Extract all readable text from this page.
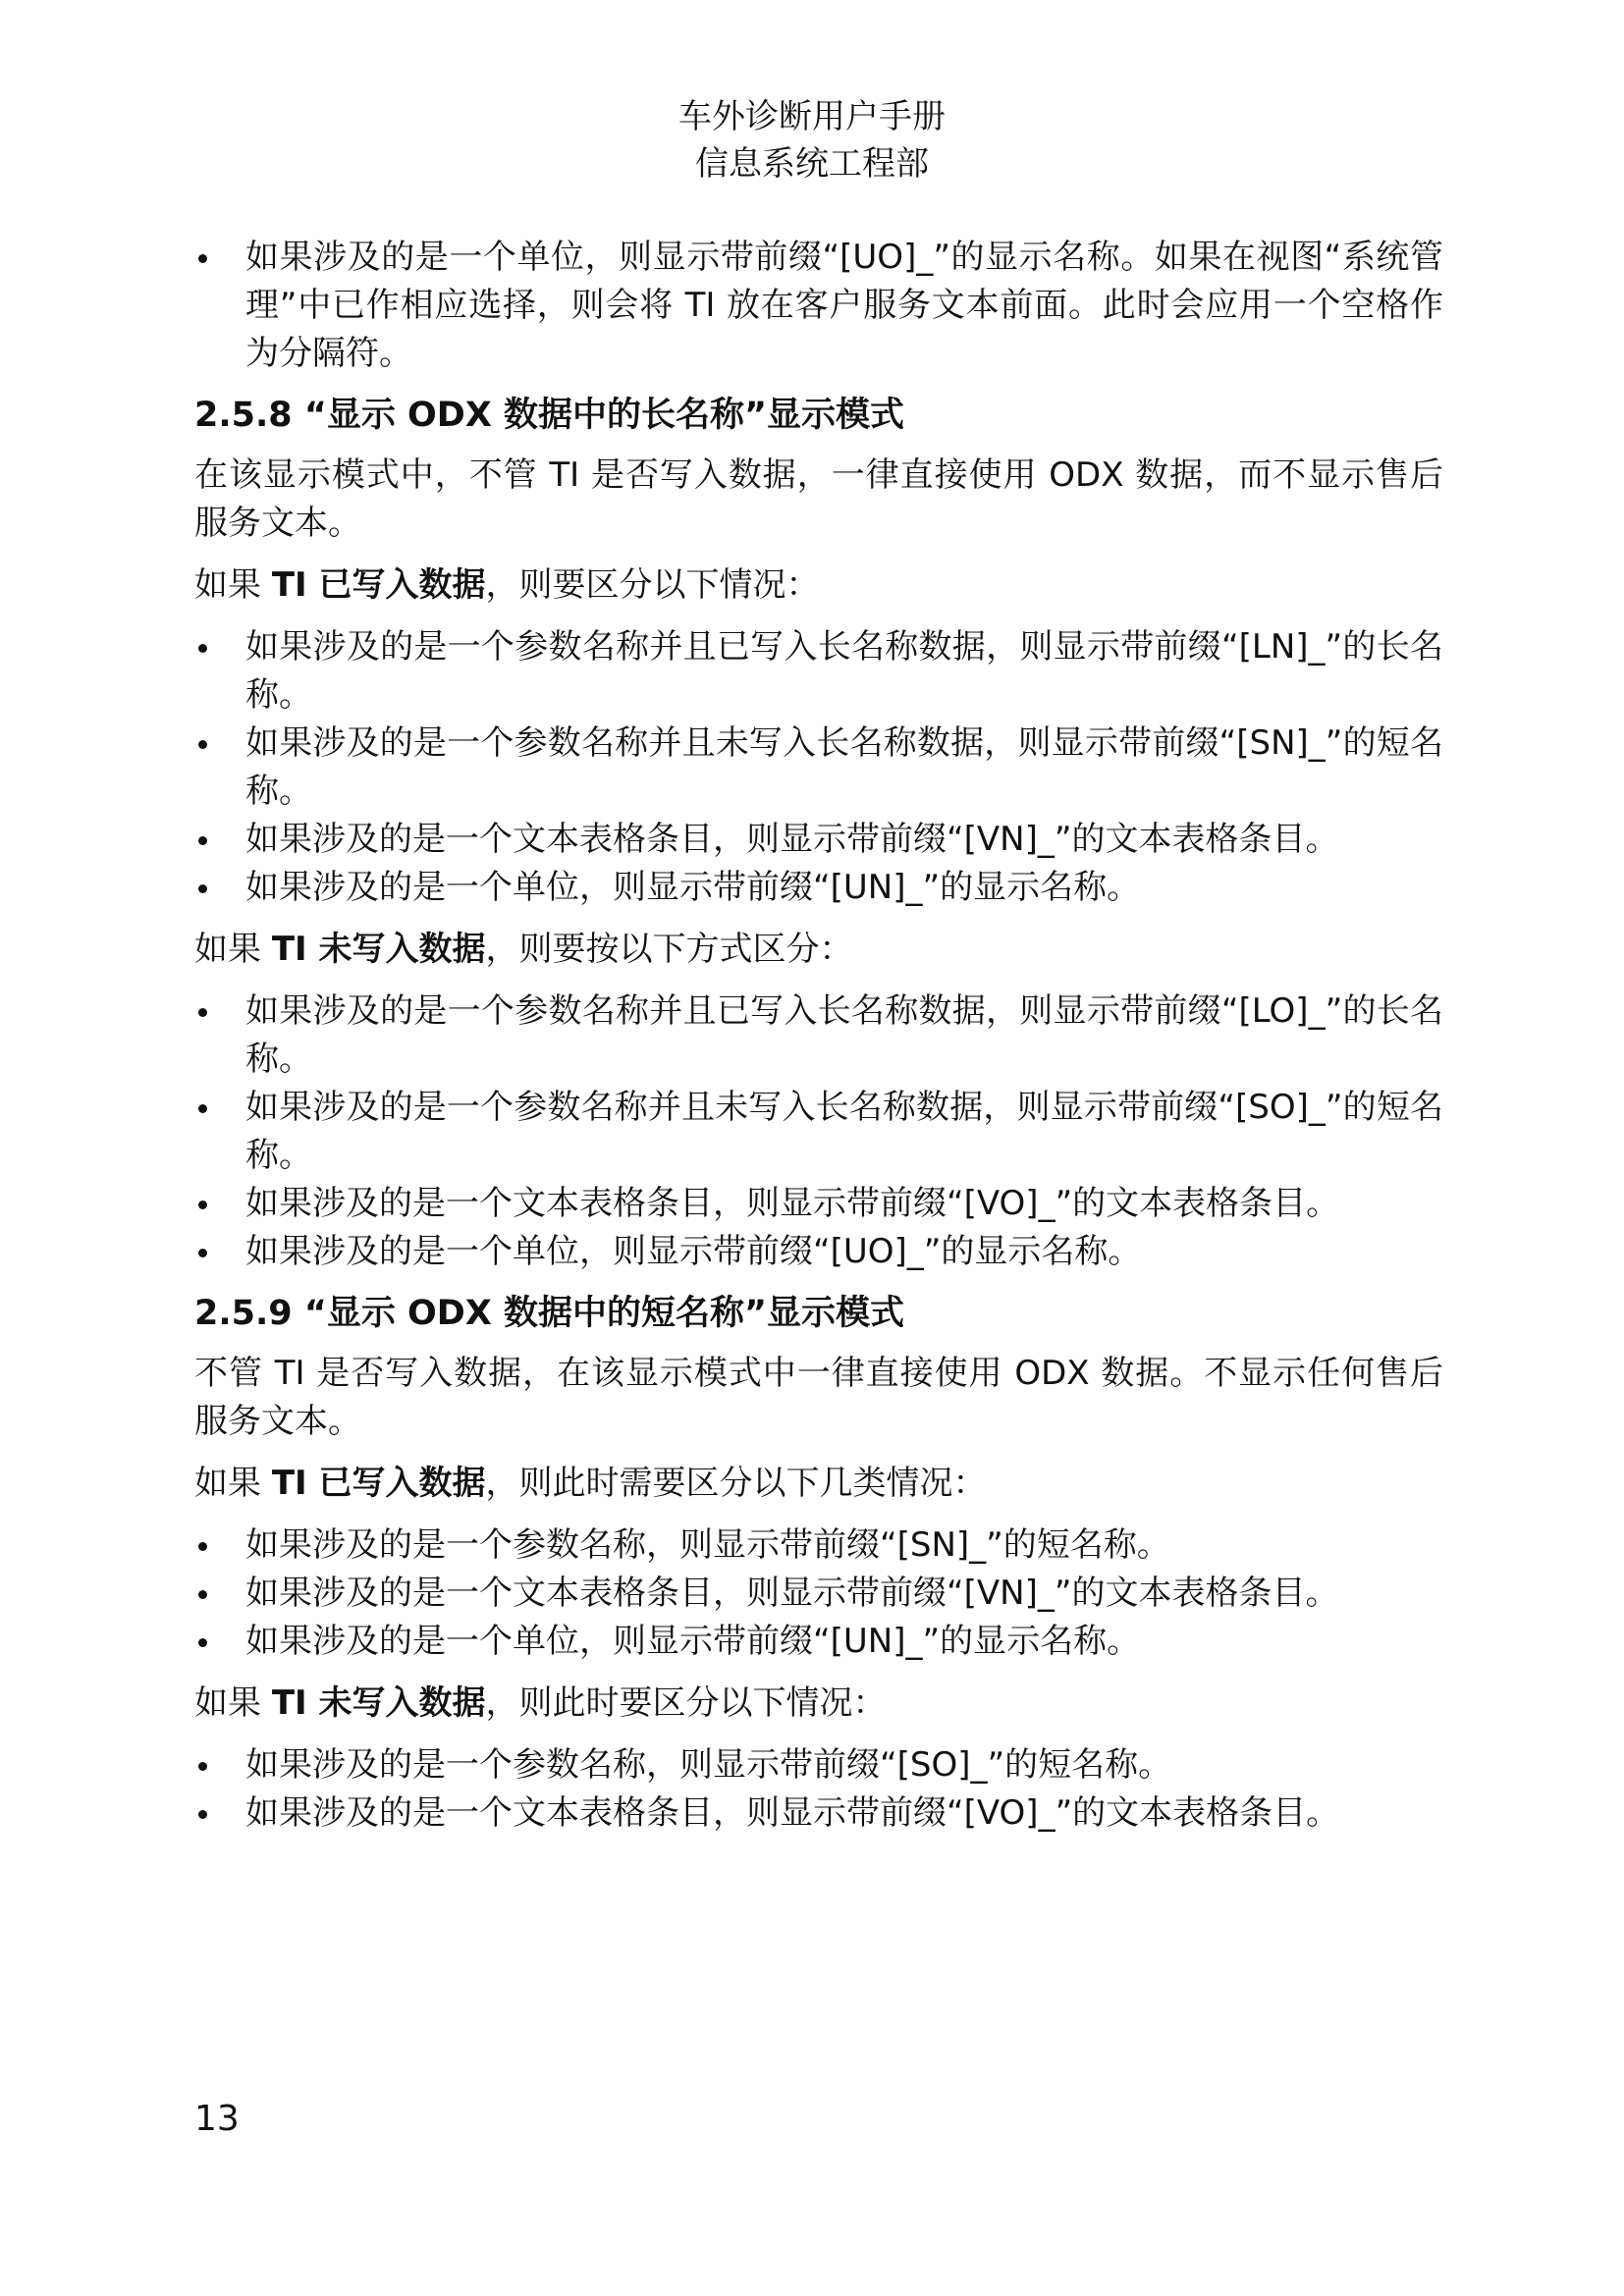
车外诊断用户手册
信息系统工程部
如果涉及的是一个单位，则显示带前缀“[UO]_”的显示名称。如果在视图“系统管理”中已作相应选择，则会将 TI 放在客户服务文本前面。此时会应用一个空格作为分隔符。
2.5.8 “显示 ODX 数据中的长名称”显示模式

在该显示模式中，不管 TI 是否写入数据，一律直接使用 ODX 数据，而不显示售后服务文本。

如果 TI 已写入数据，则要区分以下情况：

如果涉及的是一个参数名称并且已写入长名称数据，则显示带前缀“[LN]_”的长名称。
如果涉及的是一个参数名称并且未写入长名称数据，则显示带前缀“[SN]_”的短名称。
如果涉及的是一个文本表格条目，则显示带前缀“[VN]_”的文本表格条目。
如果涉及的是一个单位，则显示带前缀“[UN]_”的显示名称。

如果 TI 未写入数据，则要按以下方式区分：

如果涉及的是一个参数名称并且已写入长名称数据，则显示带前缀“[LO]_”的长名称。
如果涉及的是一个参数名称并且未写入长名称数据，则显示带前缀“[SO]_”的短名称。
如果涉及的是一个文本表格条目，则显示带前缀“[VO]_”的文本表格条目。
如果涉及的是一个单位，则显示带前缀“[UO]_”的显示名称。
2.5.9 “显示 ODX 数据中的短名称”显示模式

不管 TI 是否写入数据，在该显示模式中一律直接使用 ODX 数据。不显示任何售后服务文本。

如果 TI 已写入数据，则此时需要区分以下几类情况：

如果涉及的是一个参数名称，则显示带前缀“[SN]_”的短名称。
如果涉及的是一个文本表格条目，则显示带前缀“[VN]_”的文本表格条目。
如果涉及的是一个单位，则显示带前缀“[UN]_”的显示名称。

如果 TI 未写入数据，则此时要区分以下情况：

如果涉及的是一个参数名称，则显示带前缀“[SO]_”的短名称。
如果涉及的是一个文本表格条目，则显示带前缀“[VO]_”的文本表格条目。
13
